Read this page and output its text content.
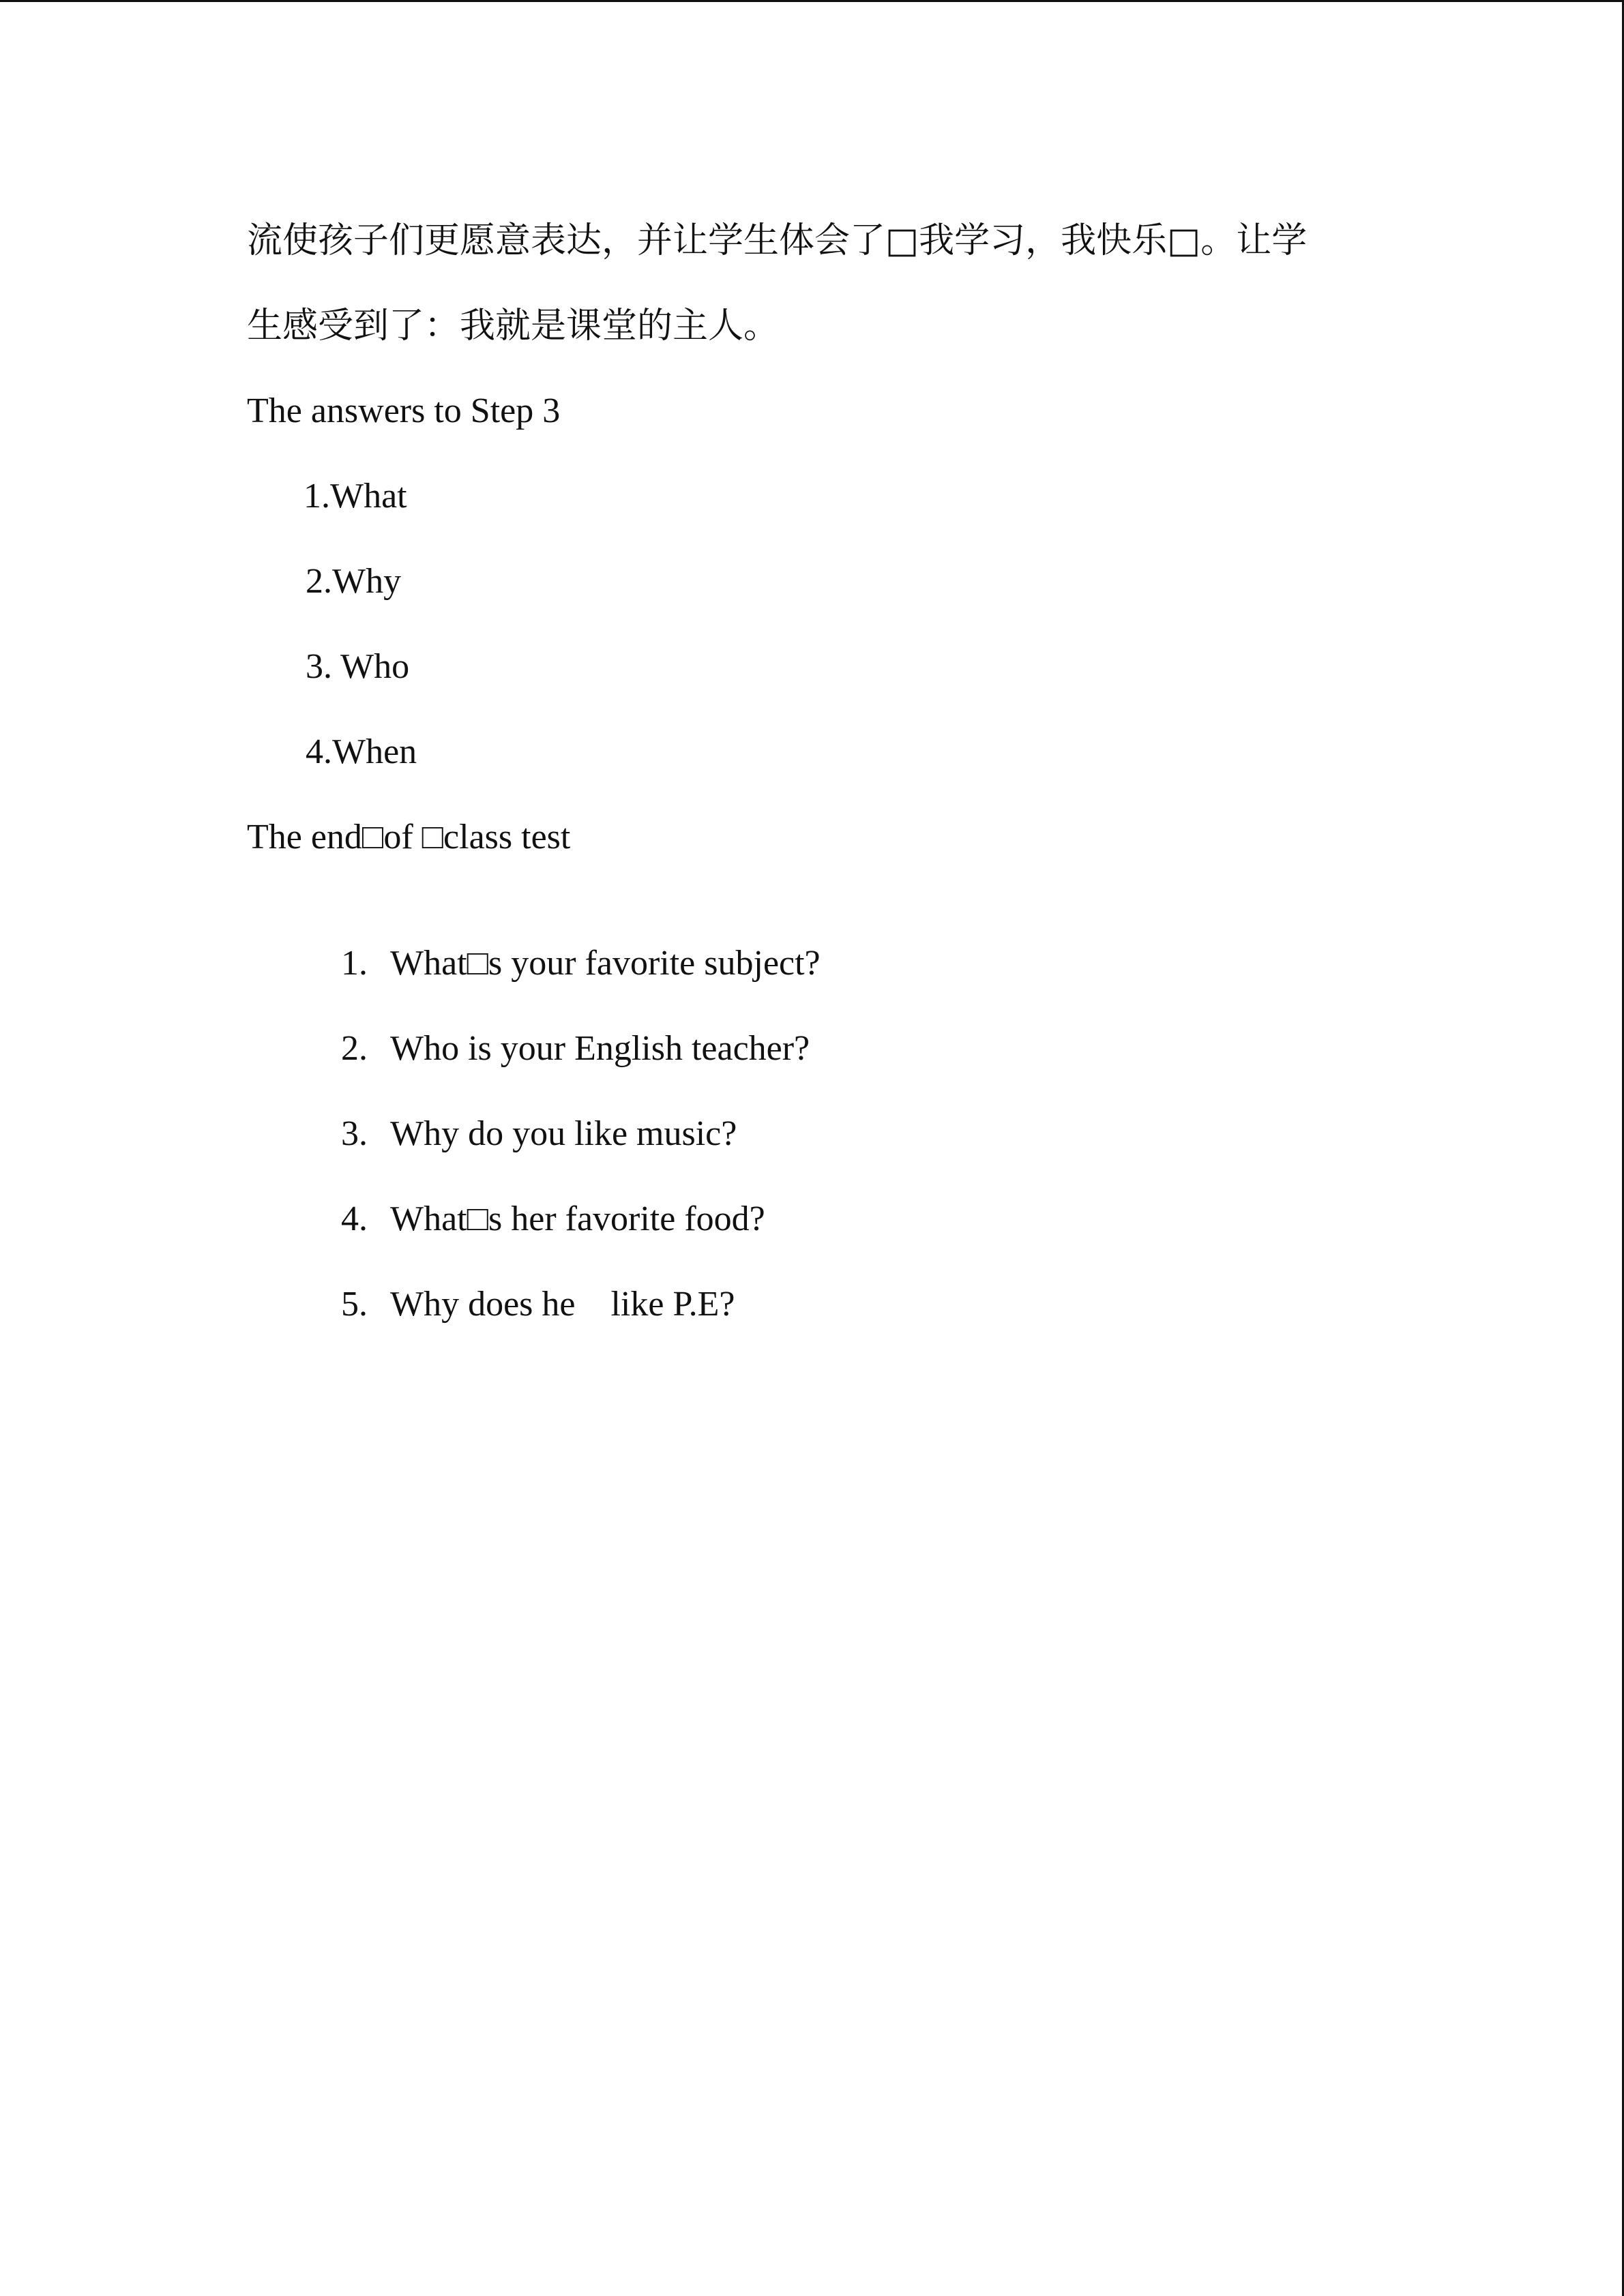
流使孩子们更愿意表达，并让学生体会了□我学习，我快乐□。让学
生感受到了：我就是课堂的主人。
The answers to Step 3
1.What
2.Why
3. Who
4.When
The end□of □class test

1. What□s your favorite subject?

2. Who is your English teacher?

3. Why do you like music?

4. What□s her favorite food?

5. Why does he    like P.E?
